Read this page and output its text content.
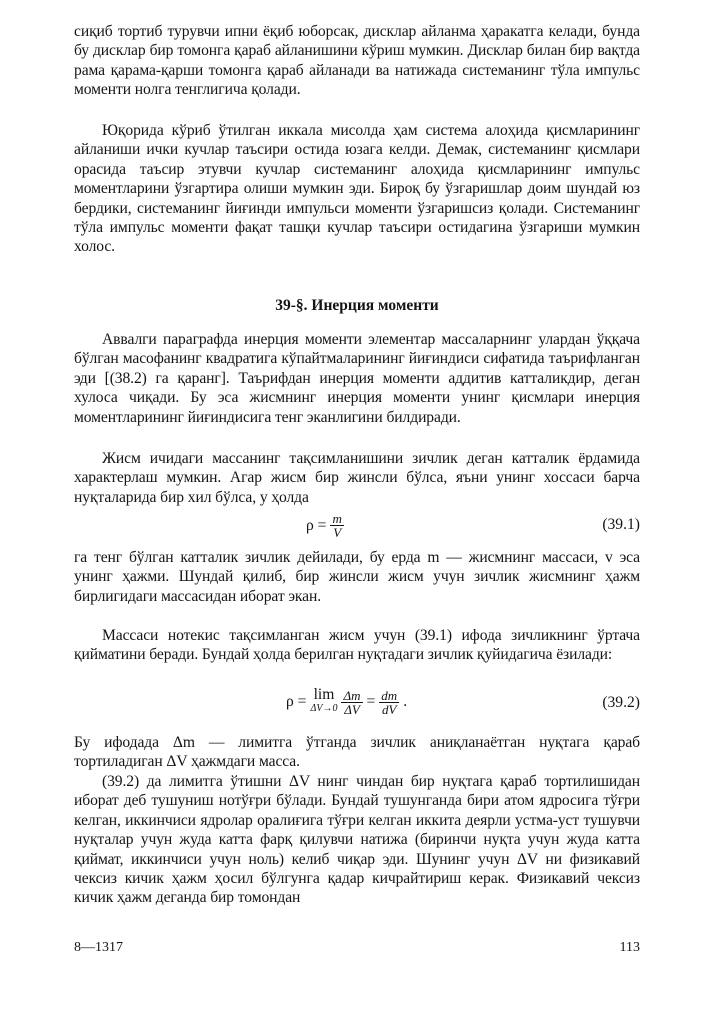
сиқиб тортиб турувчи ипни ёқиб юборсак, дисклар айланма ҳаракатга келади, бунда бу дисклар бир томонга қараб айланишини кўриш мумкин. Дисклар билан бир вақтда рама қарама-қарши томонга қараб айланади ва натижада системанинг тўла импульс моменти нолга тенглигича қолади.
Юқорида кўриб ўтилган иккала мисолда ҳам система алоҳида қисмларининг айланиши ички кучлар таъсири остида юзага келди. Демак, системанинг қисмлари орасида таъсир этувчи кучлар системанинг алоҳида қисмларининг импульс моментларини ўзгартира олиши мумкин эди. Бироқ бу ўзгаришлар доим шундай юз бердики, системанинг йиғинди импульси моменти ўзгаришсиз қолади. Системанинг тўла импульс моменти фақат ташқи кучлар таъсири остидагина ўзгариши мумкин холос.
39-§. Инерция моменти
Аввалги параграфда инерция моменти элементар массаларнинг улардан ўққача бўлган масофанинг квадратига кўпайтмаларининг йиғиндиси сифатида таърифланган эди [(38.2) га қаранг]. Таърифдан инерция моменти аддитив катталикдир, деган хулоса чиқади. Бу эса жисмнинг инерция моменти унинг қисмлари инерция моментларининг йиғиндисига тенг эканлигини билдиради.
Жисм ичидаги массанинг тақсимланишини зичлик деган катталик ёрдамида характерлаш мумкин. Агар жисм бир жинсли бўлса, яъни унинг хоссаси барча нуқталарида бир хил бўлса, у ҳолда
$\rho = \frac{m}{V}$	(39.1)
га тенг бўлган катталик зичлик дейилади, бу ерда m — жисмнинг массаси, v эса унинг ҳажми. Шундай қилиб, бир жинсли жисм учун зичлик жисмнинг ҳажм бирлигидаги массасидан иборат экан.
Массаси нотекис тақсимланган жисм учун (39.1) ифода зичликнинг ўртача қийматини беради. Бундай ҳолда берилган нуқтадаги зичлик қуйидагича ёзилади:
ρ = lim
$\Delta V\to 0 \frac{\Delta m}{\Delta V} = \frac{dm}{dV}$ .	(39.2)
Бу ифодада Δm — лимитга ўтганда зичлик аниқланаётган нуқтага қараб тортиладиган ΔV ҳажмдаги масса.
(39.2) да лимитга ўтишни ΔV нинг чиндан бир нуқтага қараб тортилишидан иборат деб тушуниш нотўғри бўлади. Бундай тушунганда бири атом ядросига тўғри келган, иккинчиси ядролар оралиғига тўғри келган иккита деярли устма-уст тушувчи нуқталар учун жуда катта фарқ қилувчи натижа (биринчи нуқта учун жуда катта қиймат, иккинчиси учун ноль) келиб чиқар эди. Шунинг учун ΔV ни физикавий чексиз кичик ҳажм ҳосил бўлгунга қадар кичрайтириш керак. Физикавий чексиз кичик ҳажм деганда бир томондан
8—1317	113
